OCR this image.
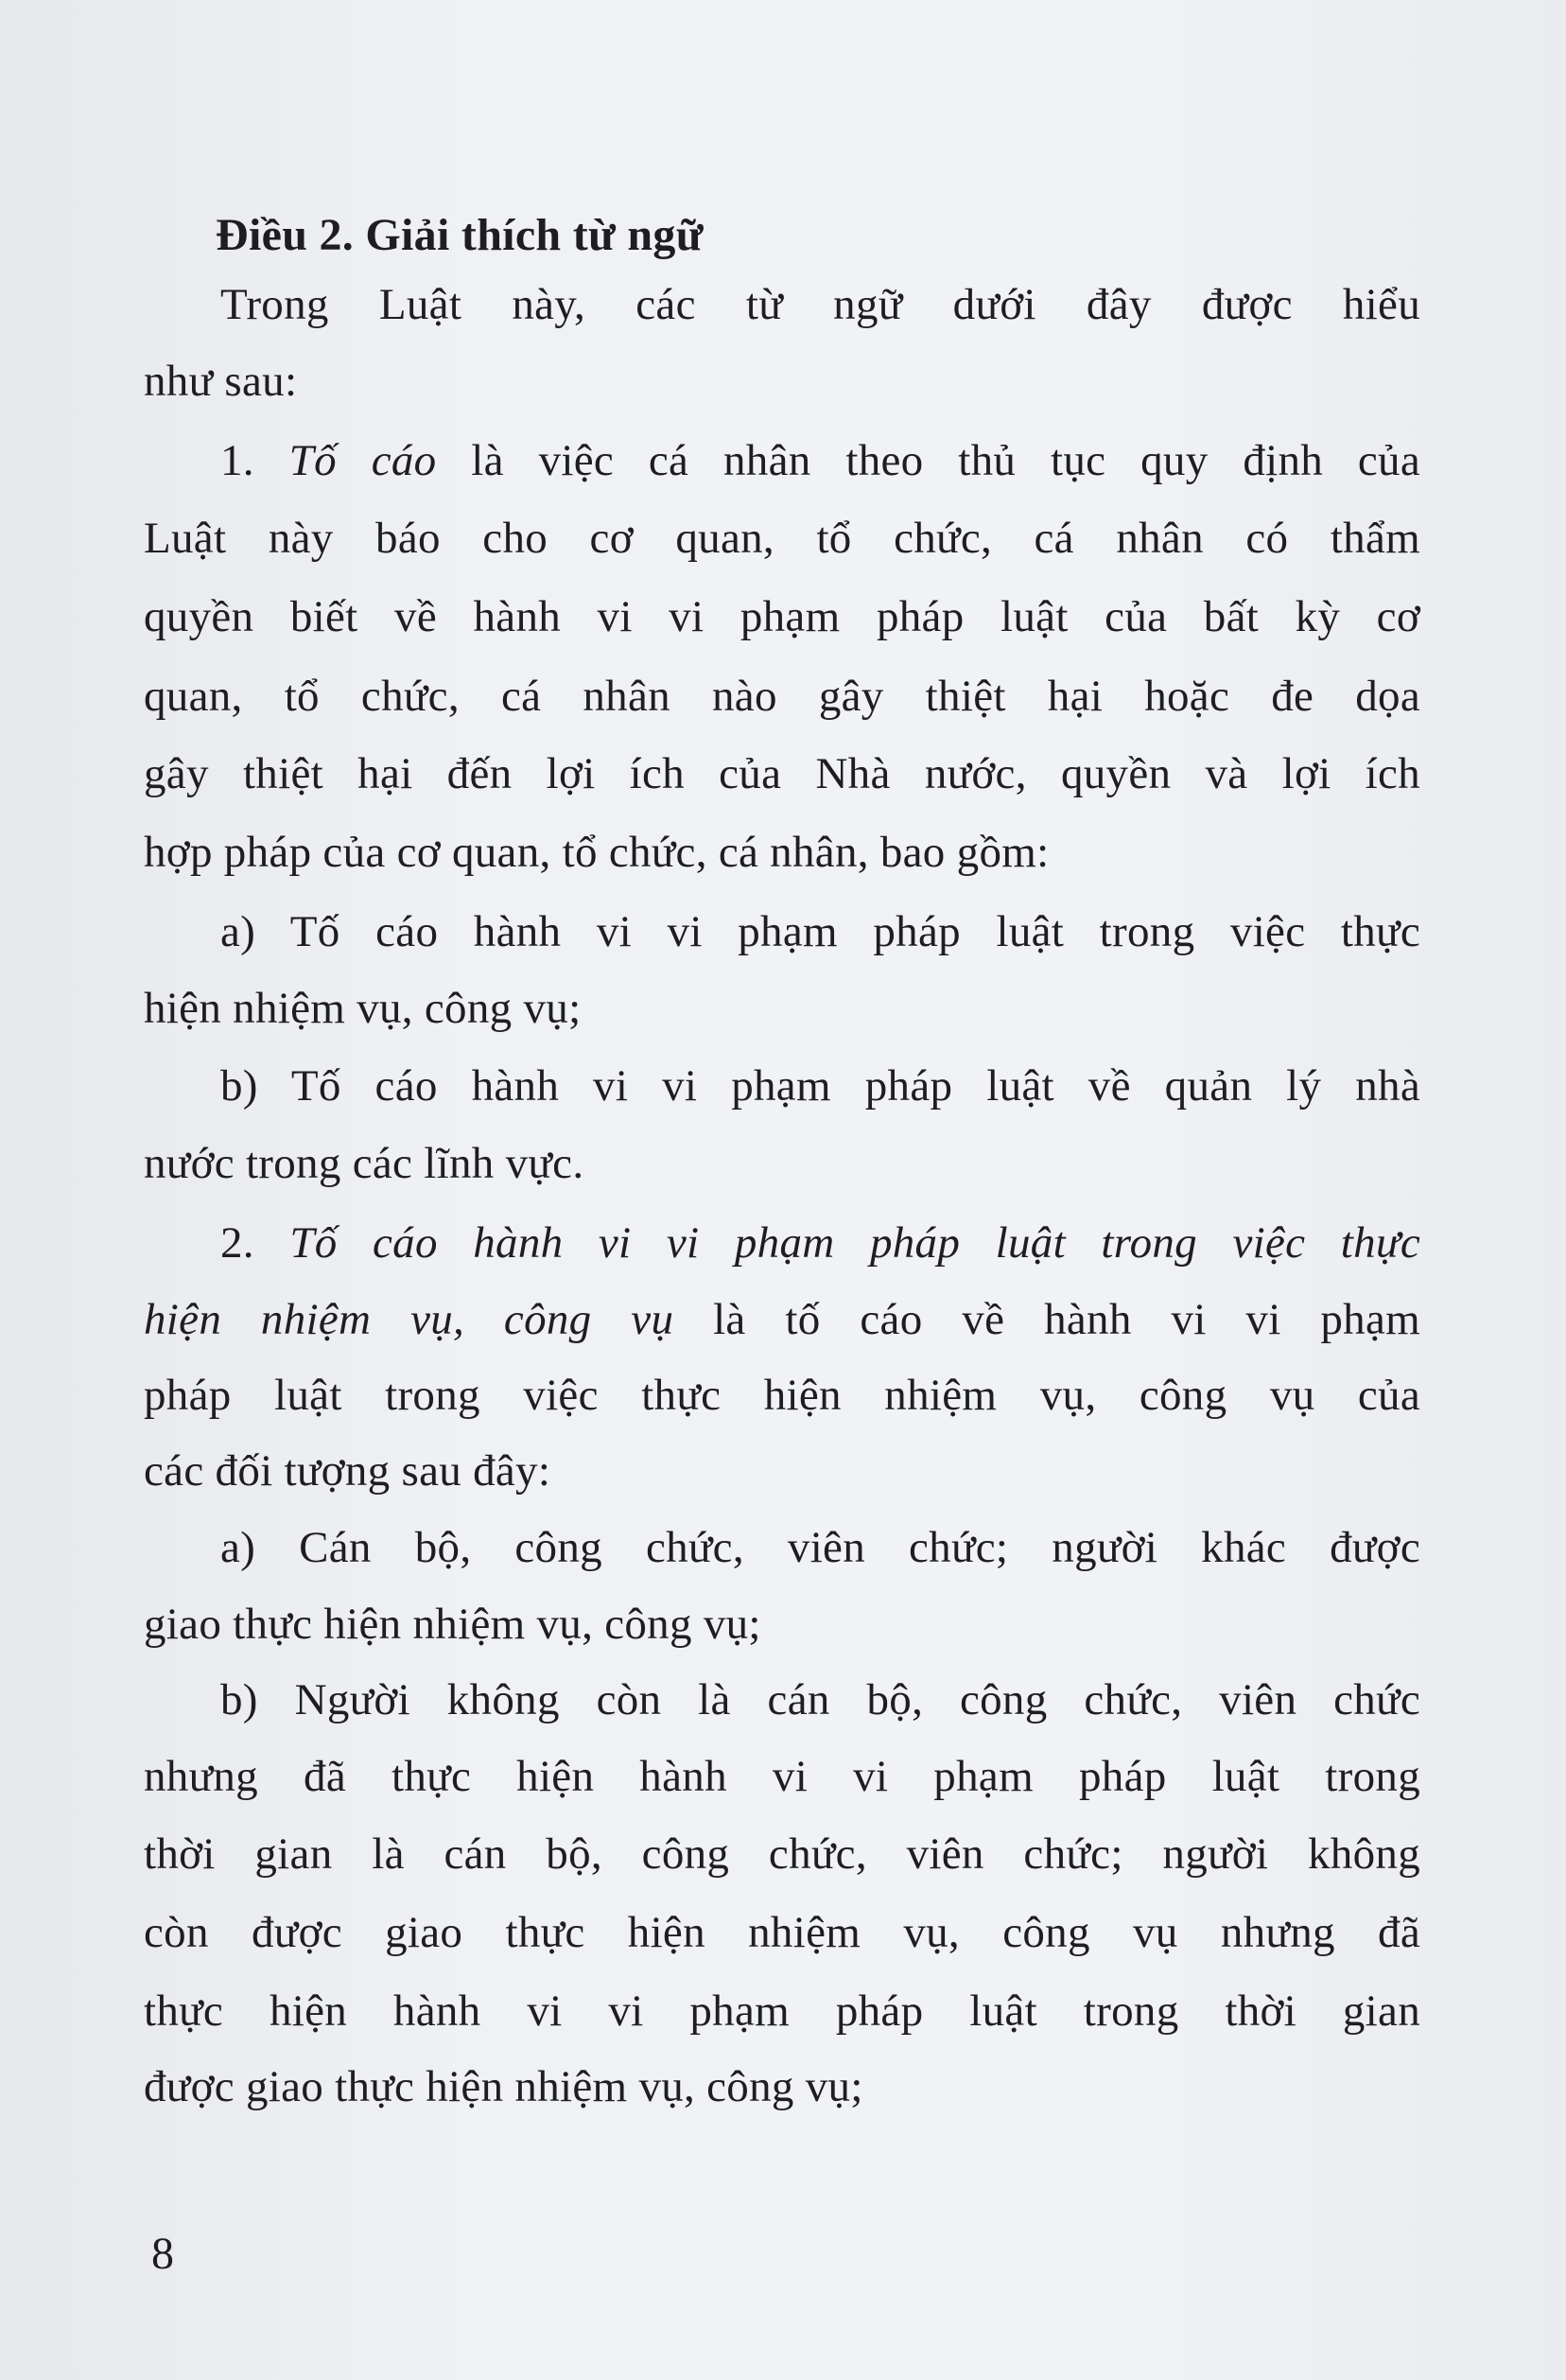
Điều 2. Giải thích từ ngữ
Trong Luật này, các từ ngữ dưới đây được hiểu
như sau:
1. Tố cáo là việc cá nhân theo thủ tục quy định của
Luật này báo cho cơ quan, tổ chức, cá nhân có thẩm
quyền biết về hành vi vi phạm pháp luật của bất kỳ cơ
quan, tổ chức, cá nhân nào gây thiệt hại hoặc đe dọa
gây thiệt hại đến lợi ích của Nhà nước, quyền và lợi ích
hợp pháp của cơ quan, tổ chức, cá nhân, bao gồm:
a) Tố cáo hành vi vi phạm pháp luật trong việc thực
hiện nhiệm vụ, công vụ;
b) Tố cáo hành vi vi phạm pháp luật về quản lý nhà
nước trong các lĩnh vực.
2. Tố cáo hành vi vi phạm pháp luật trong việc thực
hiện nhiệm vụ, công vụ là tố cáo về hành vi vi phạm
pháp luật trong việc thực hiện nhiệm vụ, công vụ của
các đối tượng sau đây:
a) Cán bộ, công chức, viên chức; người khác được
giao thực hiện nhiệm vụ, công vụ;
b) Người không còn là cán bộ, công chức, viên chức
nhưng đã thực hiện hành vi vi phạm pháp luật trong
thời gian là cán bộ, công chức, viên chức; người không
còn được giao thực hiện nhiệm vụ, công vụ nhưng đã
thực hiện hành vi vi phạm pháp luật trong thời gian
được giao thực hiện nhiệm vụ, công vụ;
8
